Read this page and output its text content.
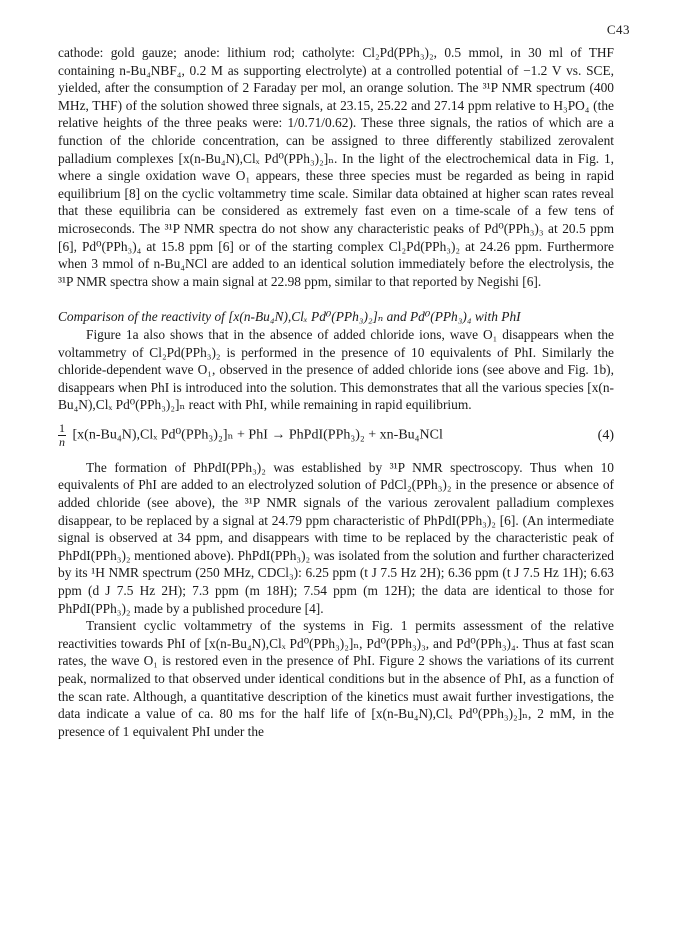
C43

cathode: gold gauze; anode: lithium rod; catholyte: Cl₂Pd(PPh₃)₂, 0.5 mmol, in 30 ml of THF containing n-Bu₄NBF₄, 0.2 M as supporting electrolyte) at a controlled potential of −1.2 V vs. SCE, yielded, after the consumption of 2 Faraday per mol, an orange solution. The ³¹P NMR spectrum (400 MHz, THF) of the solution showed three signals, at 23.15, 25.22 and 27.14 ppm relative to H₃PO₄ (the relative heights of the three peaks were: 1/0.71/0.62). These three signals, the ratios of which are a function of the chloride concentration, can be assigned to three differently stabilized zerovalent palladium complexes [x(n-Bu₄N),Clₓ Pd⁰(PPh₃)₂]ₙ. In the light of the electrochemical data in Fig. 1, where a single oxidation wave O₁ appears, these three species must be regarded as being in rapid equilibrium [8] on the cyclic voltammetry time scale. Similar data obtained at higher scan rates reveal that these equilibria can be considered as extremely fast even on a time-scale of a few tens of microseconds. The ³¹P NMR spectra do not show any characteristic peaks of Pd⁰(PPh₃)₃ at 20.5 ppm [6], Pd⁰(PPh₃)₄ at 15.8 ppm [6] or of the starting complex Cl₂Pd(PPh₃)₂ at 24.26 ppm. Furthermore when 3 mmol of n-Bu₄NCl are added to an identical solution immediately before the electrolysis, the ³¹P NMR spectra show a main signal at 22.98 ppm, similar to that reported by Negishi [6].

Comparison of the reactivity of [x(n-Bu₄N),Clₓ Pd⁰(PPh₃)₂]ₙ and Pd⁰(PPh₃)₄ with PhI

Figure 1a also shows that in the absence of added chloride ions, wave O₁ disappears when the voltammetry of Cl₂Pd(PPh₃)₂ is performed in the presence of 10 equivalents of PhI. Similarly the chloride-dependent wave O₁, observed in the presence of added chloride ions (see above and Fig. 1b), disappears when PhI is introduced into the solution. This demonstrates that all the various species [x(n-Bu₄N),Clₓ Pd⁰(PPh₃)₂]ₙ react with PhI, while remaining in rapid equilibrium.

$\frac{1}{n} [x(n-Bu_4N),Cl_x$ Pd⁰(PPh₃)₂]ₙ + PhI → PhPdI(PPh₃)₂ + xn-Bu₄NCl	(4)

The formation of PhPdI(PPh₃)₂ was established by ³¹P NMR spectroscopy. Thus when 10 equivalents of PhI are added to an electrolyzed solution of PdCl₂(PPh₃)₂ in the presence or absence of added chloride (see above), the ³¹P NMR signals of the various zerovalent palladium complexes disappear, to be replaced by a signal at 24.79 ppm characteristic of PhPdI(PPh₃)₂ [6]. (An intermediate signal is observed at 34 ppm, and disappears with time to be replaced by the characteristic peak of PhPdI(PPh₃)₂ mentioned above). PhPdI(PPh₃)₂ was isolated from the solution and further characterized by its ¹H NMR spectrum (250 MHz, CDCl₃): 6.25 ppm (t J 7.5 Hz 2H); 6.36 ppm (t J 7.5 Hz 1H); 6.63 ppm (d J 7.5 Hz 2H); 7.3 ppm (m 18H); 7.54 ppm (m 12H); the data are identical to those for PhPdI(PPh₃)₂ made by a published procedure [4].

Transient cyclic voltammetry of the systems in Fig. 1 permits assessment of the relative reactivities towards PhI of [x(n-Bu₄N),Clₓ Pd⁰(PPh₃)₂]ₙ, Pd⁰(PPh₃)₃, and Pd⁰(PPh₃)₄. Thus at fast scan rates, the wave O₁ is restored even in the presence of PhI. Figure 2 shows the variations of its current peak, normalized to that observed under identical conditions but in the absence of PhI, as a function of the scan rate. Although, a quantitative description of the kinetics must await further investigations, the data indicate a value of ca. 80 ms for the half life of [x(n-Bu₄N),Clₓ Pd⁰(PPh₃)₂]ₙ, 2 mM, in the presence of 1 equivalent PhI under the
